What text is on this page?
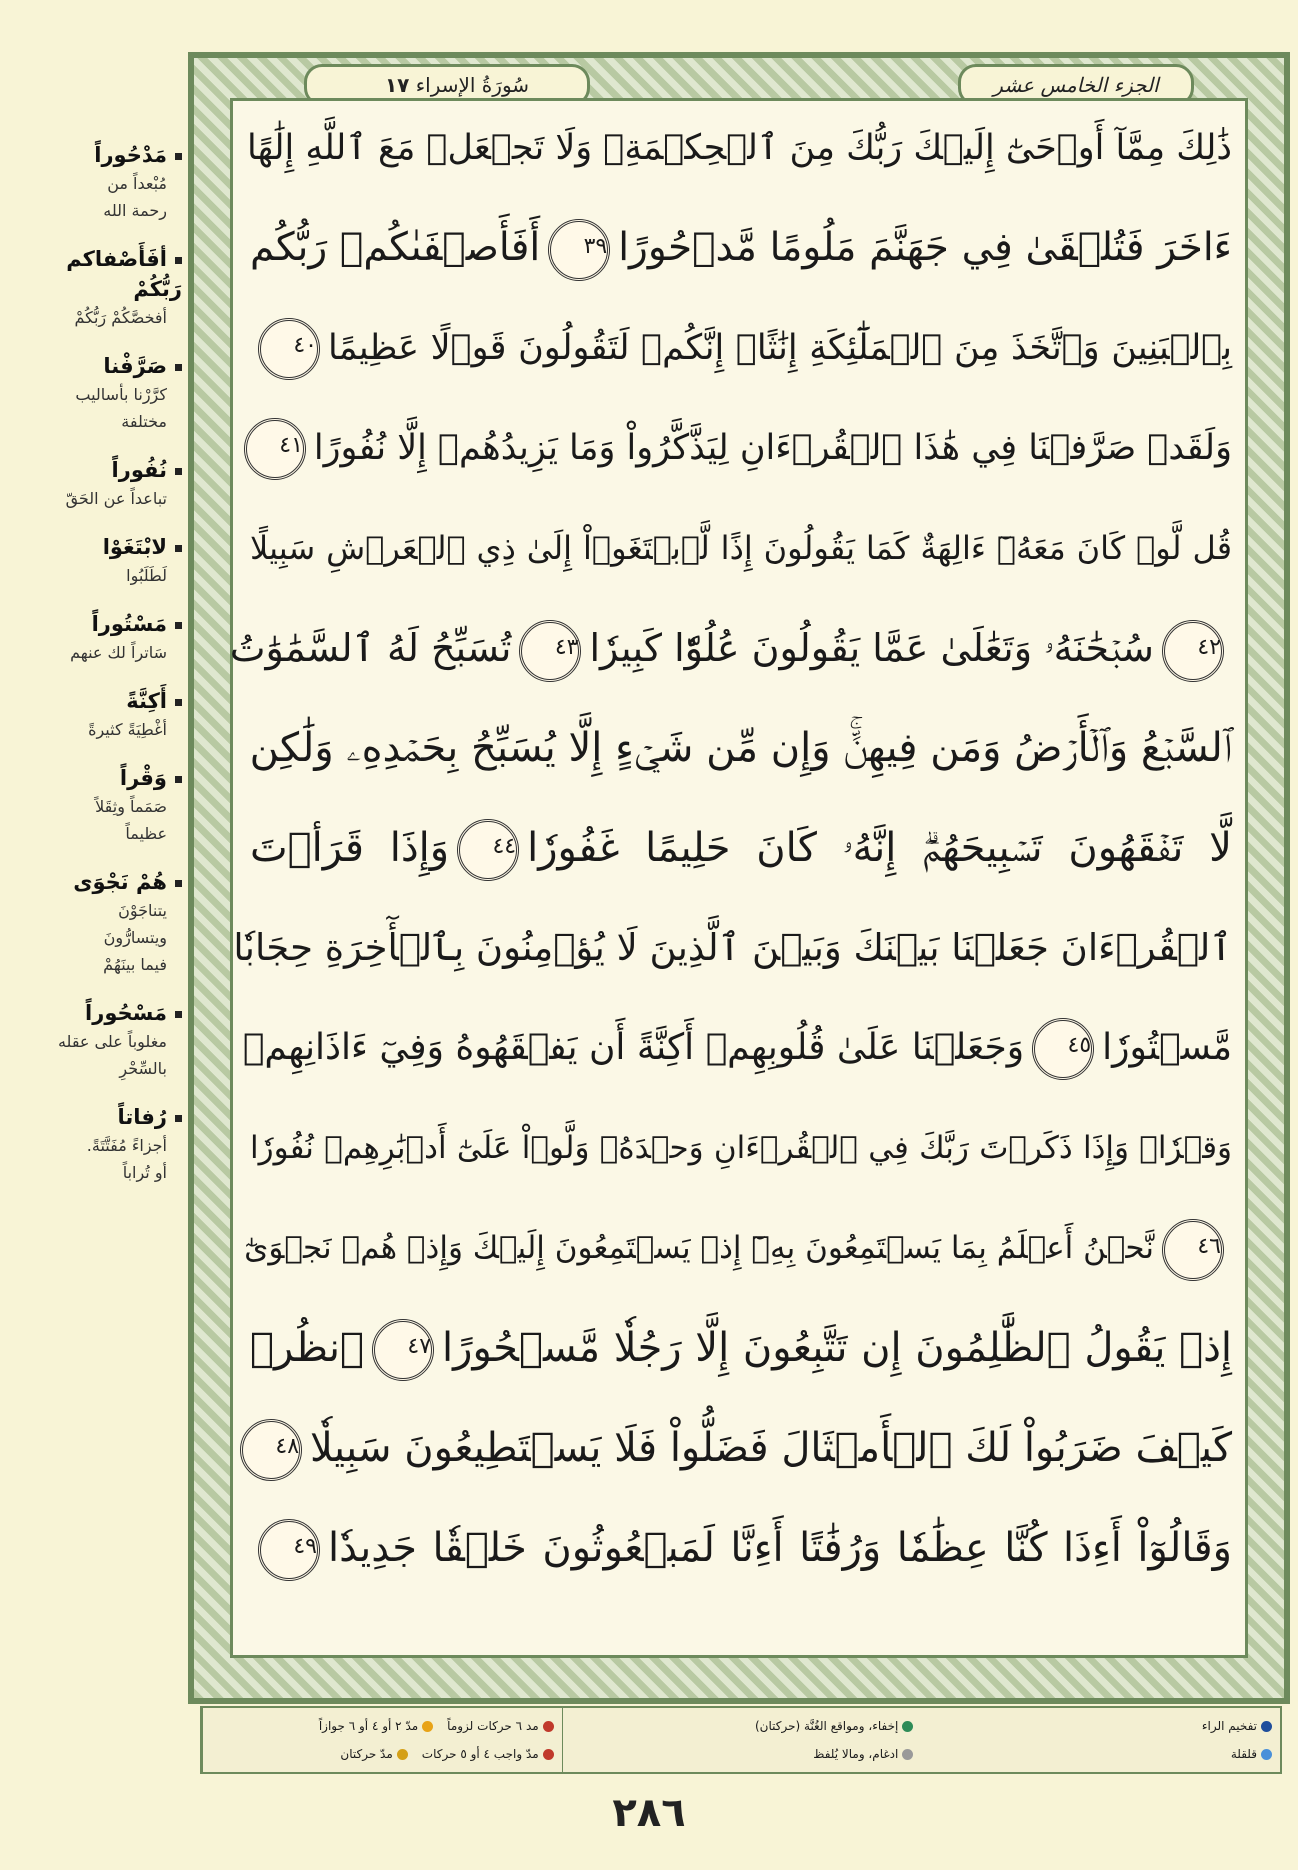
مَدْحُوراً
مُبْعداً من
رحمة الله
أفَأَصْفاكم رَبُّكُمْ
أفخصَّكُمْ رَبُّكُمْ
صَرَّفْنا
كرَّرْنا بأساليب
مختلفة
نُفُوراً
تباعداً عن الحَقّ
لابْتَغَوْا
لَطَلَبُوا
مَسْتُوراً
سَاتراً لك عنهم
أَكِنَّةً
أغْطِيَةً كثيرةً
وَقْراً
صَمَماً وثِقَلاً
عظيماً
هُمْ نَجْوَى
يتناجَوْنَ
ويتسارُّونَ
فيما بينَهُمْ
مَسْحُوراً
مغلوباً على عقله
بالسِّحْرِ
رُفاتاً
أجزاءً مُفَتَّتَةً.
أو تُراباً
سُورَةُ الإسراء ١٧	الجزء الخامس عشر
ذَٰلِكَ مِمَّآ أَوۡحَىٰٓ إِلَيۡكَ رَبُّكَ مِنَ ٱلۡحِكۡمَةِۗ وَلَا تَجۡعَلۡ مَعَ ٱللَّهِ إِلَٰهًا
ءَاخَرَ فَتُلۡقَىٰ فِي جَهَنَّمَ مَلُومًا مَّدۡحُورًا٣٩أَفَأَصۡفَىٰكُمۡ رَبُّكُم
بِٱلۡبَنِينَ وَٱتَّخَذَ مِنَ ٱلۡمَلَٰٓئِكَةِ إِنَٰثًاۚ إِنَّكُمۡ لَتَقُولُونَ قَوۡلًا عَظِيمًا٤٠
وَلَقَدۡ صَرَّفۡنَا فِي هَٰذَا ٱلۡقُرۡءَانِ لِيَذَّكَّرُواْ وَمَا يَزِيدُهُمۡ إِلَّا نُفُورًا٤١
قُل لَّوۡ كَانَ مَعَهُۥٓ ءَالِهَةٌ كَمَا يَقُولُونَ إِذًا لَّٱبۡتَغَوۡاْ إِلَىٰ ذِي ٱلۡعَرۡشِ سَبِيلًا
٤٢سُبۡحَٰنَهُۥ وَتَعَٰلَىٰ عَمَّا يَقُولُونَ عُلُوّٗا كَبِيرٗا٤٣تُسَبِّحُ لَهُ ٱلسَّمَٰوَٰتُ
ٱلسَّبۡعُ وَٱلۡأَرۡضُ وَمَن فِيهِنَّۚ وَإِن مِّن شَيۡءٍ إِلَّا يُسَبِّحُ بِحَمۡدِهِۦ وَلَٰكِن
لَّا تَفۡقَهُونَ تَسۡبِيحَهُمۡۗ إِنَّهُۥ كَانَ حَلِيمًا غَفُورٗا٤٤وَإِذَا قَرَأۡتَ
ٱلۡقُرۡءَانَ جَعَلۡنَا بَيۡنَكَ وَبَيۡنَ ٱلَّذِينَ لَا يُؤۡمِنُونَ بِٱلۡأٓخِرَةِ حِجَابٗا
مَّسۡتُورٗا٤٥وَجَعَلۡنَا عَلَىٰ قُلُوبِهِمۡ أَكِنَّةً أَن يَفۡقَهُوهُ وَفِيٓ ءَاذَانِهِمۡ
وَقۡرٗاۚ وَإِذَا ذَكَرۡتَ رَبَّكَ فِي ٱلۡقُرۡءَانِ وَحۡدَهُۥ وَلَّوۡاْ عَلَىٰٓ أَدۡبَٰرِهِمۡ نُفُورٗا
٤٦نَّحۡنُ أَعۡلَمُ بِمَا يَسۡتَمِعُونَ بِهِۦٓ إِذۡ يَسۡتَمِعُونَ إِلَيۡكَ وَإِذۡ هُمۡ نَجۡوَىٰٓ
إِذۡ يَقُولُ ٱلظَّٰلِمُونَ إِن تَتَّبِعُونَ إِلَّا رَجُلٗا مَّسۡحُورًا٤٧ٱنظُرۡ
كَيۡفَ ضَرَبُواْ لَكَ ٱلۡأَمۡثَالَ فَضَلُّواْ فَلَا يَسۡتَطِيعُونَ سَبِيلٗا٤٨
وَقَالُوٓاْ أَءِذَا كُنَّا عِظَٰمٗا وَرُفَٰتًا أَءِنَّا لَمَبۡعُوثُونَ خَلۡقٗا جَدِيدٗا٤٩
مد ٦ حركات لزوماً
مدّ ٢ أو ٤ أو ٦ جوازاً
مدّ واجب ٤ أو ٥ حركات
مدّ حركتان
إخفاء، ومواقع الغُنَّة (حركتان)
ادغام، ومالا يُلفظ
تفخيم الراء
قلقلة
٢٨٦
